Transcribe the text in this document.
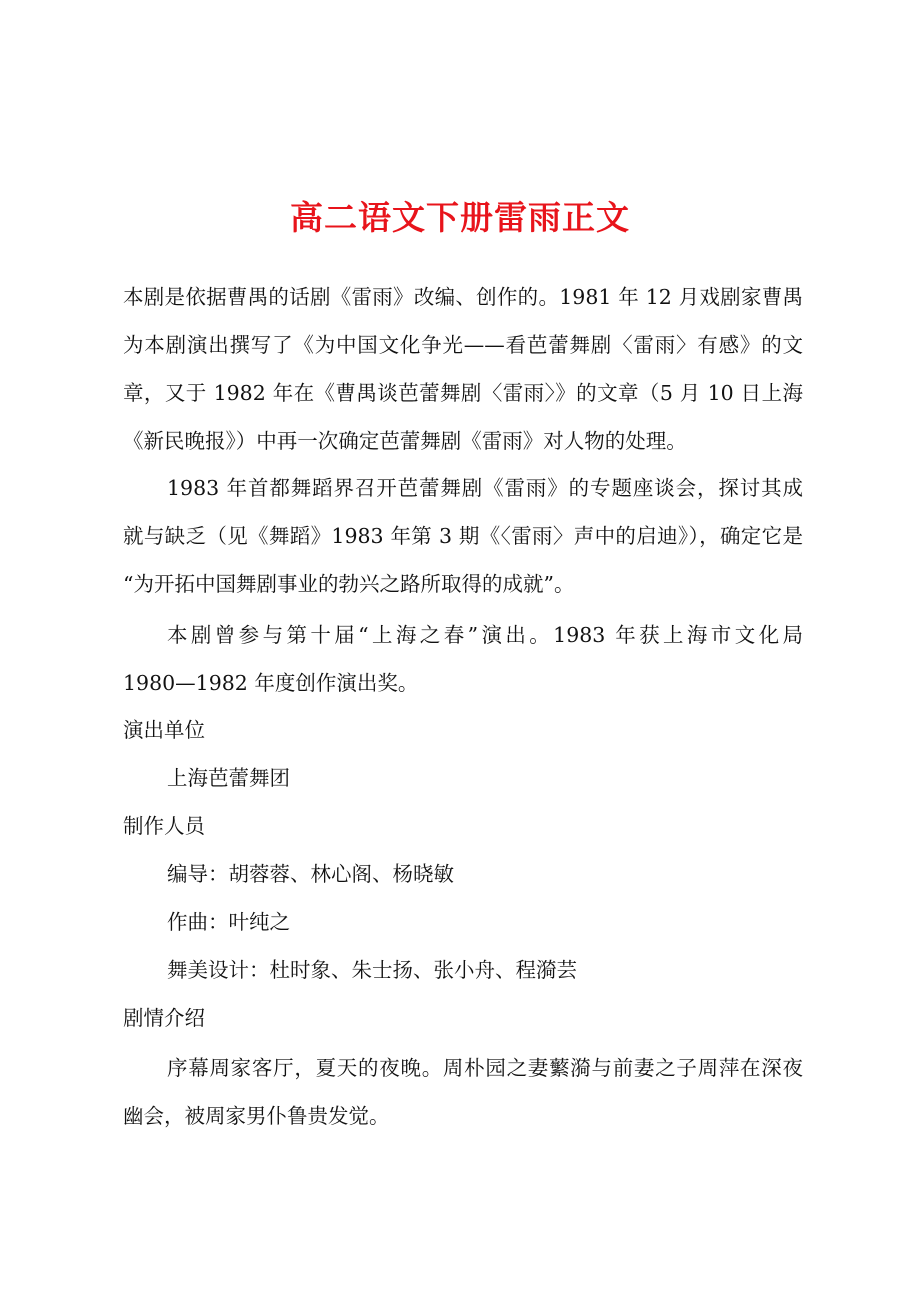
高二语文下册雷雨正文
本剧是依据曹禺的话剧《雷雨》改编、创作的。1981 年 12 月戏剧家曹禺
为本剧演出撰写了《为中国文化争光——看芭蕾舞剧〈雷雨〉有感》的文
章，又于 1982 年在《曹禺谈芭蕾舞剧〈雷雨〉》的文章（5 月 10 日上海
《新民晚报》）中再一次确定芭蕾舞剧《雷雨》对人物的处理。
1983 年首都舞蹈界召开芭蕾舞剧《雷雨》的专题座谈会，探讨其成
就与缺乏（见《舞蹈》1983 年第 3 期《〈雷雨〉声中的启迪》），确定它是
“为开拓中国舞剧事业的勃兴之路所取得的成就”。
本剧曾参与第十届“上海之春”演出。1983 年获上海市文化局
1980—1982 年度创作演出奖。
演出单位
上海芭蕾舞团
制作人员
编导：胡蓉蓉、林心阁、杨晓敏
作曲：叶纯之
舞美设计：杜时象、朱士扬、张小舟、程漪芸
剧情介绍
序幕周家客厅，夏天的夜晚。周朴园之妻蘩漪与前妻之子周萍在深夜
幽会，被周家男仆鲁贵发觉。
